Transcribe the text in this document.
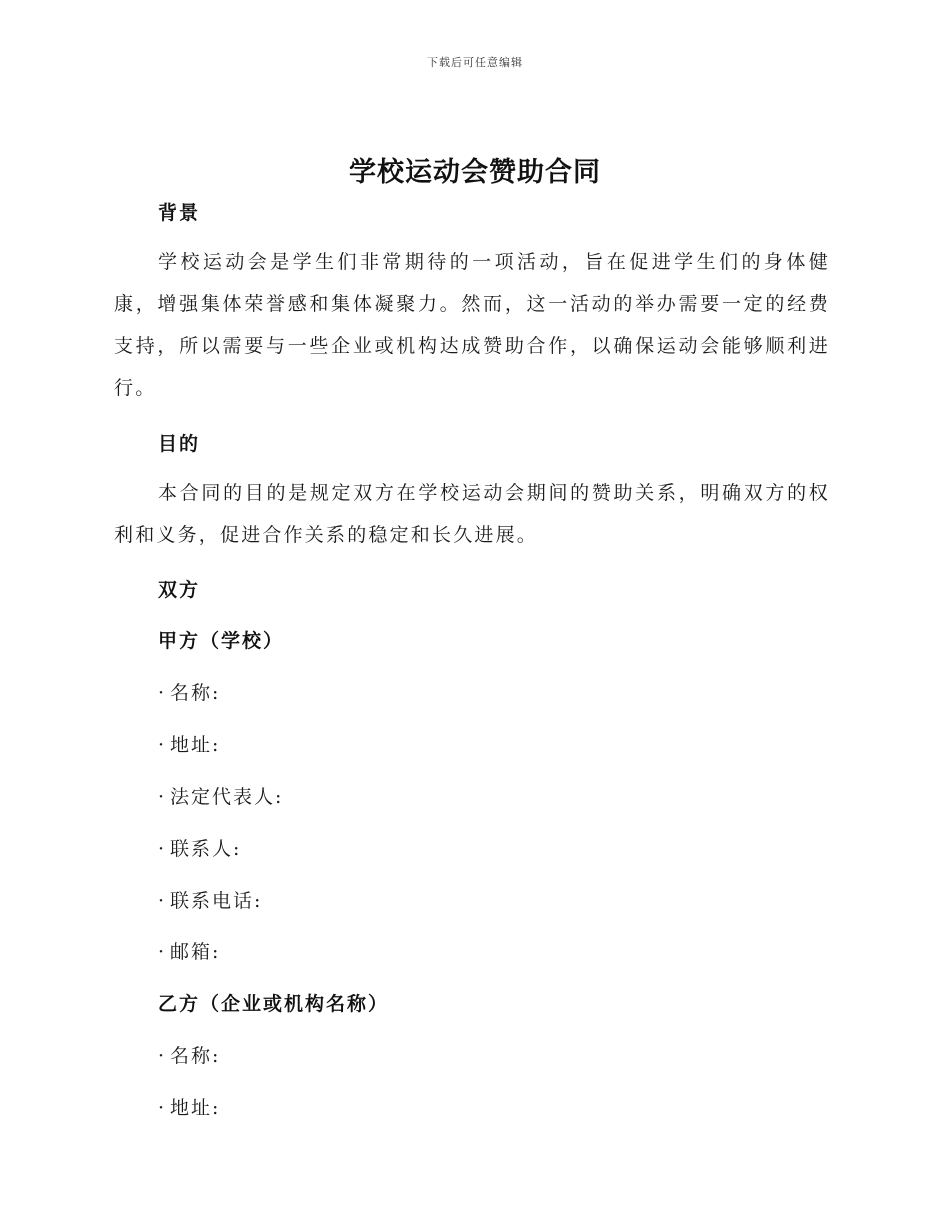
下载后可任意编辑
学校运动会赞助合同
背景
学校运动会是学生们非常期待的一项活动，旨在促进学生们的身体健康，增强集体荣誉感和集体凝聚力。然而，这一活动的举办需要一定的经费支持，所以需要与一些企业或机构达成赞助合作，以确保运动会能够顺利进行。
目的
本合同的目的是规定双方在学校运动会期间的赞助关系，明确双方的权利和义务，促进合作关系的稳定和长久进展。
双方
甲方（学校）
· 名称:
· 地址:
· 法定代表人:
· 联系人:
· 联系电话:
· 邮箱:
乙方（企业或机构名称）
· 名称:
· 地址:
